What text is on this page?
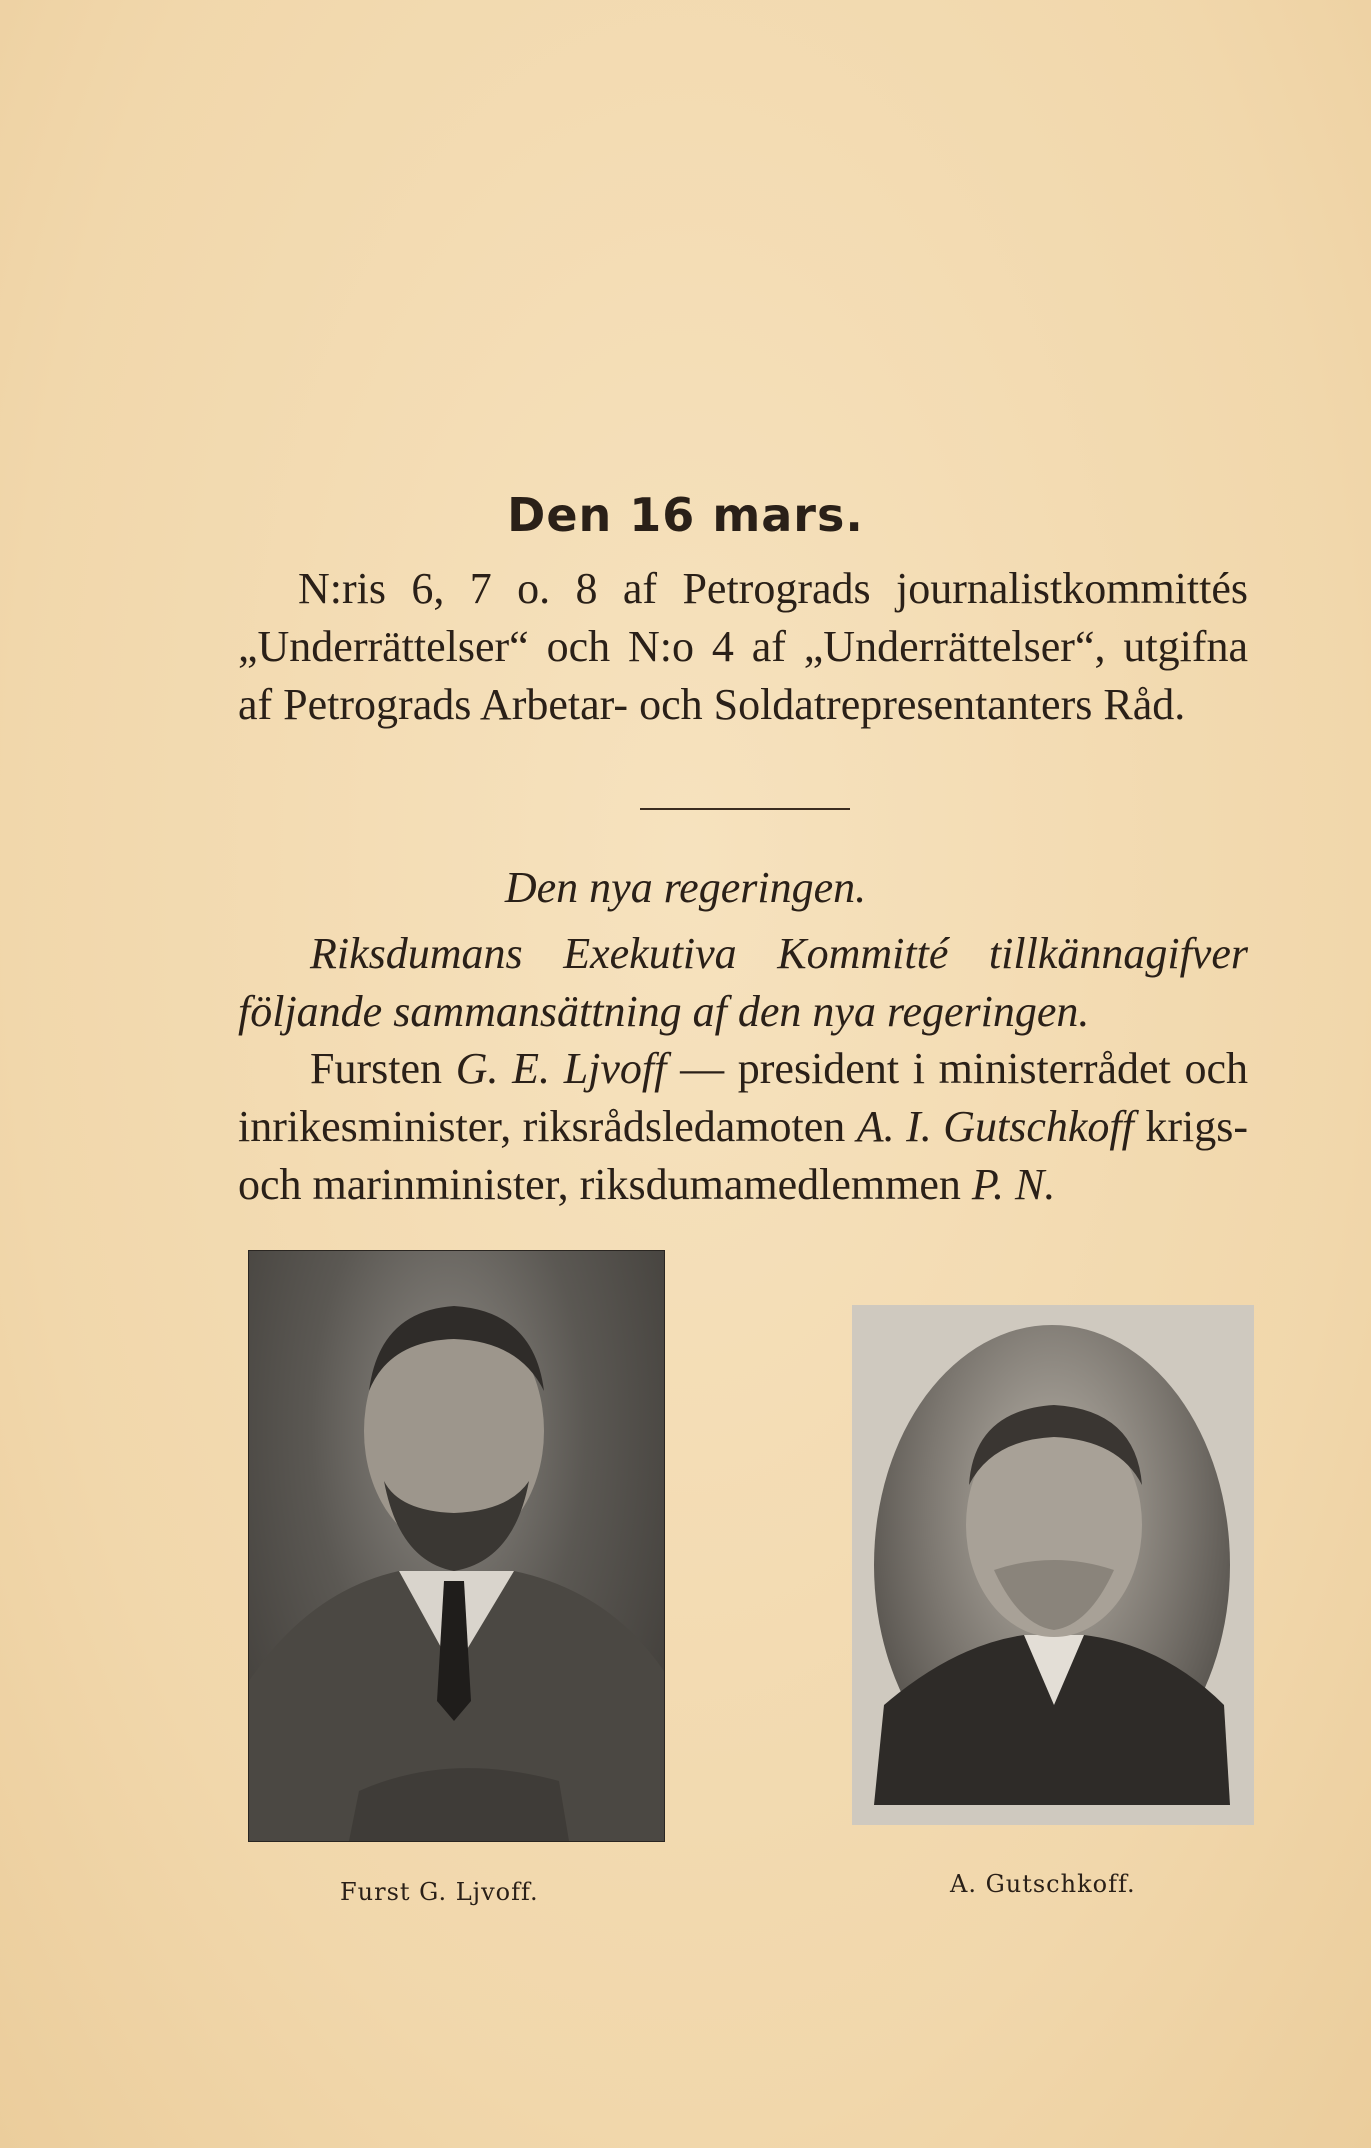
Den 16 mars.
N:ris 6, 7 o. 8 af Petrograds journalistkommittés „Underrättelser“ och N:o 4 af „Underrättelser“, utgifna af Petrograds Arbetar- och Soldatrepresentanters Råd.
Den nya regeringen.
Riksdumans Exekutiva Kommitté tillkännagifver följande sammansättning af den nya regeringen.
Fursten G. E. Ljvoff — president i ministerrådet och inrikesminister, riksrådsledamoten A. I. Gutschkoff krigs- och marinminister, riksdumamedlemmen P. N.
Furst G. Ljvoff.	A. Gutschkoff.
